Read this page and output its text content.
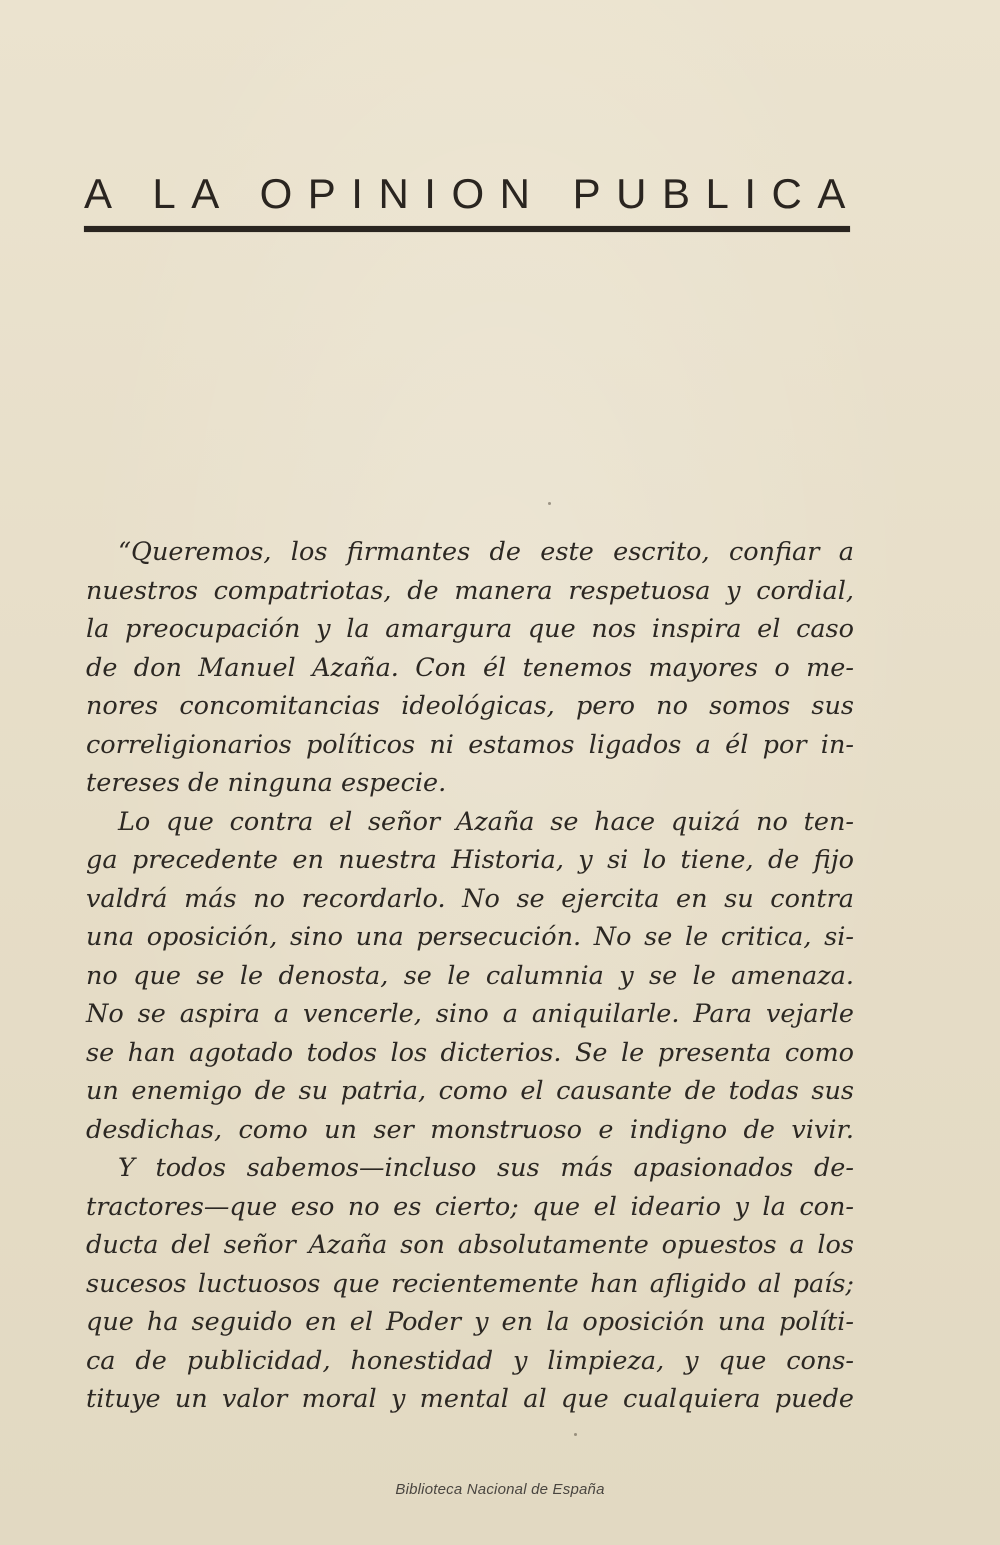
A LA OPINION PUBLICA
“Queremos, los firmantes de este escrito, confiar a
nuestros compatriotas, de manera respetuosa y cordial,
la preocupación y la amargura que nos inspira el caso
de don Manuel Azaña. Con él tenemos mayores o me-
nores concomitancias ideológicas, pero no somos sus
correligionarios políticos ni estamos ligados a él por in-
tereses de ninguna especie.
Lo que contra el señor Azaña se hace quizá no ten-
ga precedente en nuestra Historia, y si lo tiene, de fijo
valdrá más no recordarlo. No se ejercita en su contra
una oposición, sino una persecución. No se le critica, si-
no que se le denosta, se le calumnia y se le amenaza.
No se aspira a vencerle, sino a aniquilarle. Para vejarle
se han agotado todos los dicterios. Se le presenta como
un enemigo de su patria, como el causante de todas sus
desdichas, como un ser monstruoso e indigno de vivir.
Y todos sabemos—incluso sus más apasionados de-
tractores—que eso no es cierto; que el ideario y la con-
ducta del señor Azaña son absolutamente opuestos a los
sucesos luctuosos que recientemente han afligido al país;
que ha seguido en el Poder y en la oposición una políti-
ca de publicidad, honestidad y limpieza, y que cons-
tituye un valor moral y mental al que cualquiera puede
Biblioteca Nacional de España
